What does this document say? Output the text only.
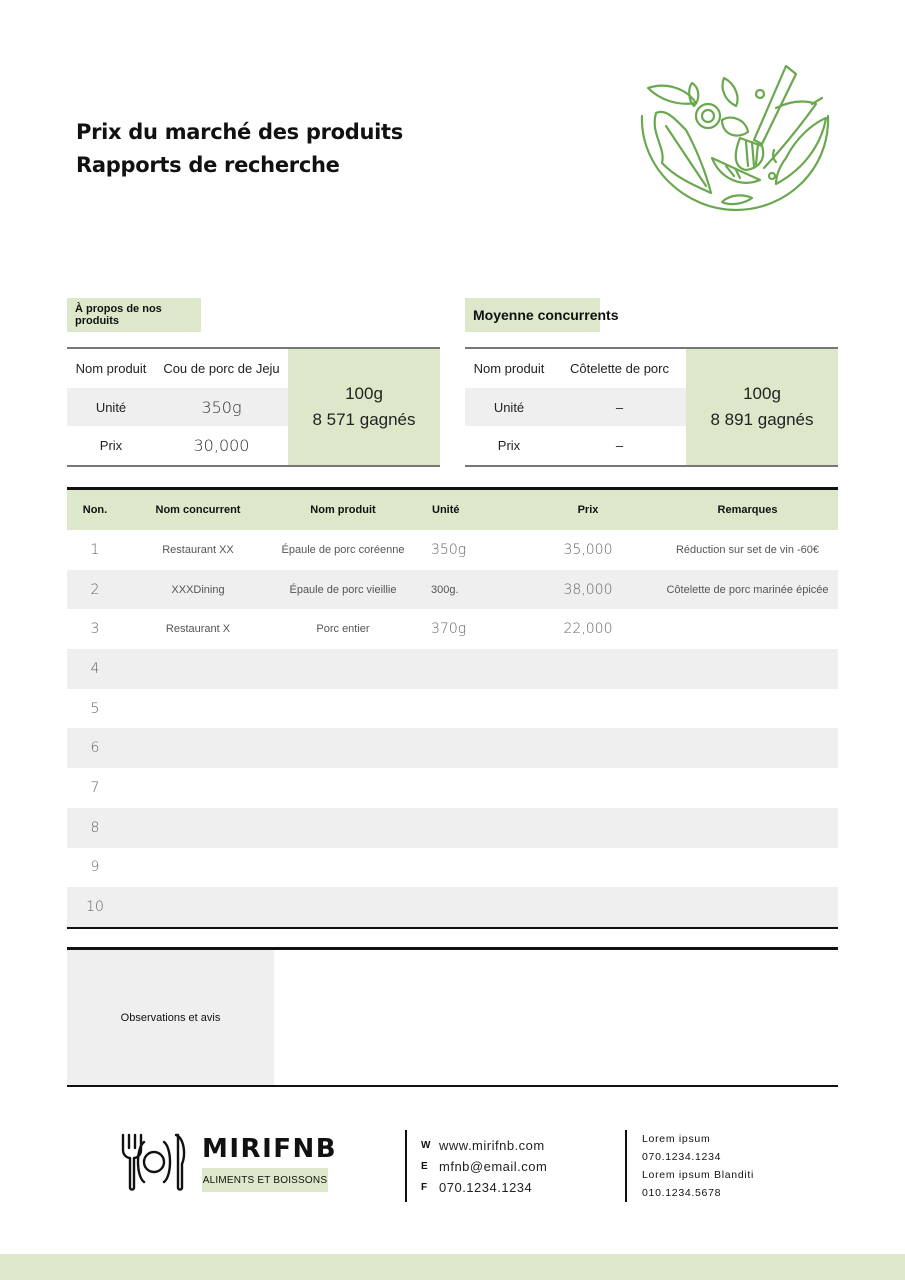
Prix du marché des produits
Rapports de recherche
À propos de nos produits	Moyenne concurrents
Nom produit	Cou de porc de Jeju
Unité	350g
Prix	30,000
100g
8 571 gagnés
Nom produit	Côtelette de porc
Unité	–
Prix	–
100g
8 891 gagnés
Non.	Nom concurrent	Nom produit	Unité	Prix	Remarques
1	Restaurant XX	Épaule de porc coréenne	350g	35,000	Réduction sur set de vin -60€
2	XXXDining	Épaule de porc vieillie	300g.	38,000	Côtelette de porc marinée épicée
3	Restaurant X	Porc entier	370g	22,000
4
5
6
7
8
9
10
Observations et avis
MIRIFNB
ALIMENTS ET BOISSONS
W www.mirifnb.com
E mfnb@email.com
F 070.1234.1234
Lorem ipsum
070.1234.1234
Lorem ipsum Blanditi
010.1234.5678
